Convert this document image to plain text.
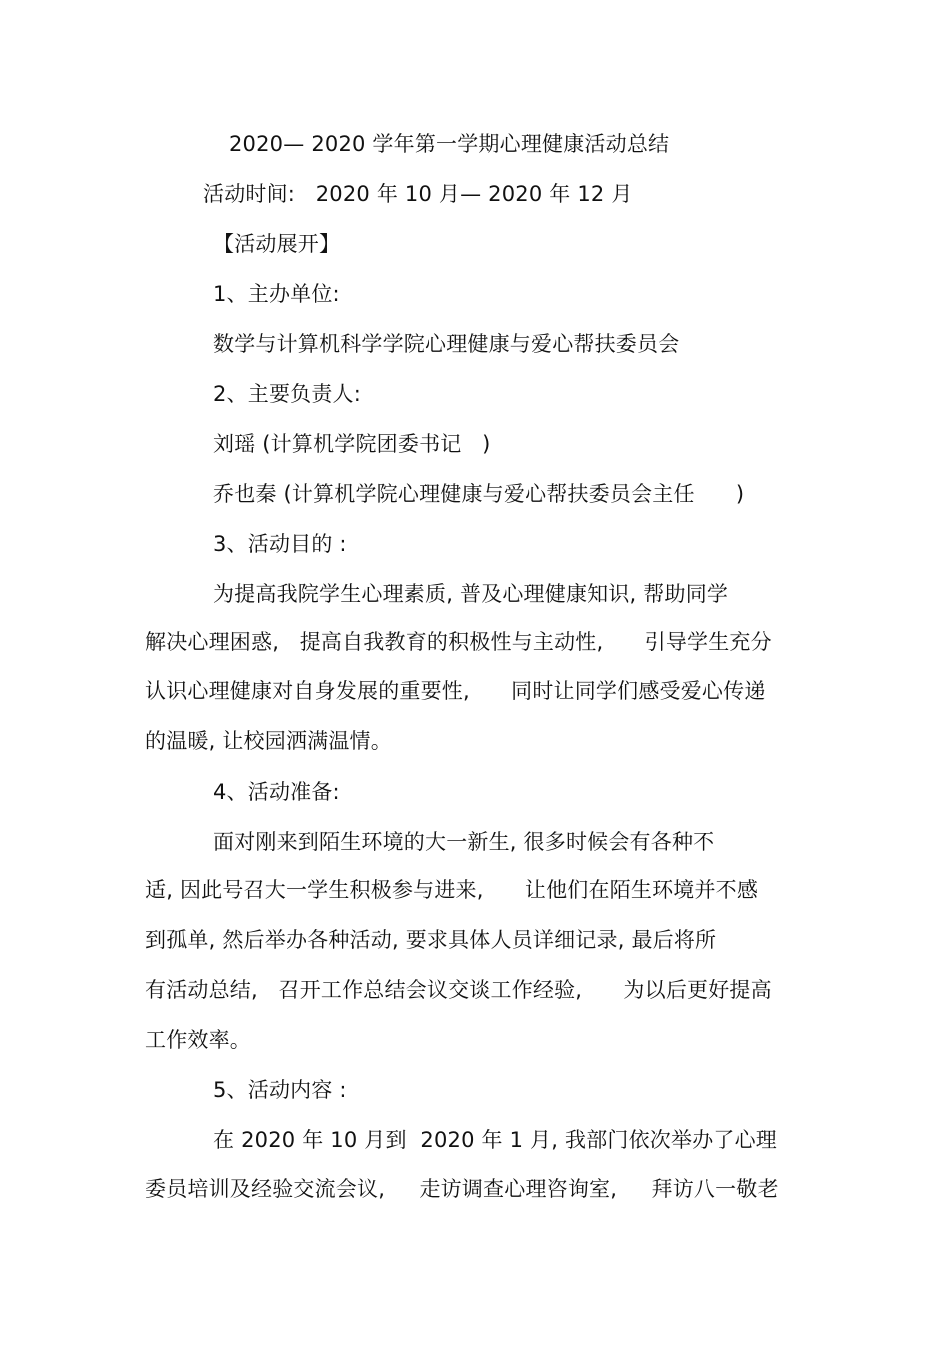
2020— 2020 学年第一学期心理健康活动总结
活动时间:   2020 年 10 月— 2020 年 12 月
【活动展开】
1、主办单位:
数学与计算机科学学院心理健康与爱心帮扶委员会
2、主要负责人:
刘瑶 (计算机学院团委书记   )
乔也秦 (计算机学院心理健康与爱心帮扶委员会主任      )
3、活动目的 :
为提高我院学生心理素质, 普及心理健康知识, 帮助同学
解决心理困惑,   提高自我教育的积极性与主动性,      引导学生充分
认识心理健康对自身发展的重要性,      同时让同学们感受爱心传递
的温暖, 让校园洒满温情。
4、活动准备:
面对刚来到陌生环境的大一新生, 很多时候会有各种不
适, 因此号召大一学生积极参与进来,      让他们在陌生环境并不感
到孤单, 然后举办各种活动, 要求具体人员详细记录, 最后将所
有活动总结,   召开工作总结会议交谈工作经验,      为以后更好提高
工作效率。
5、活动内容 :
在 2020 年 10 月到  2020 年 1 月, 我部门依次举办了心理
委员培训及经验交流会议,     走访调查心理咨询室,     拜访八一敬老
